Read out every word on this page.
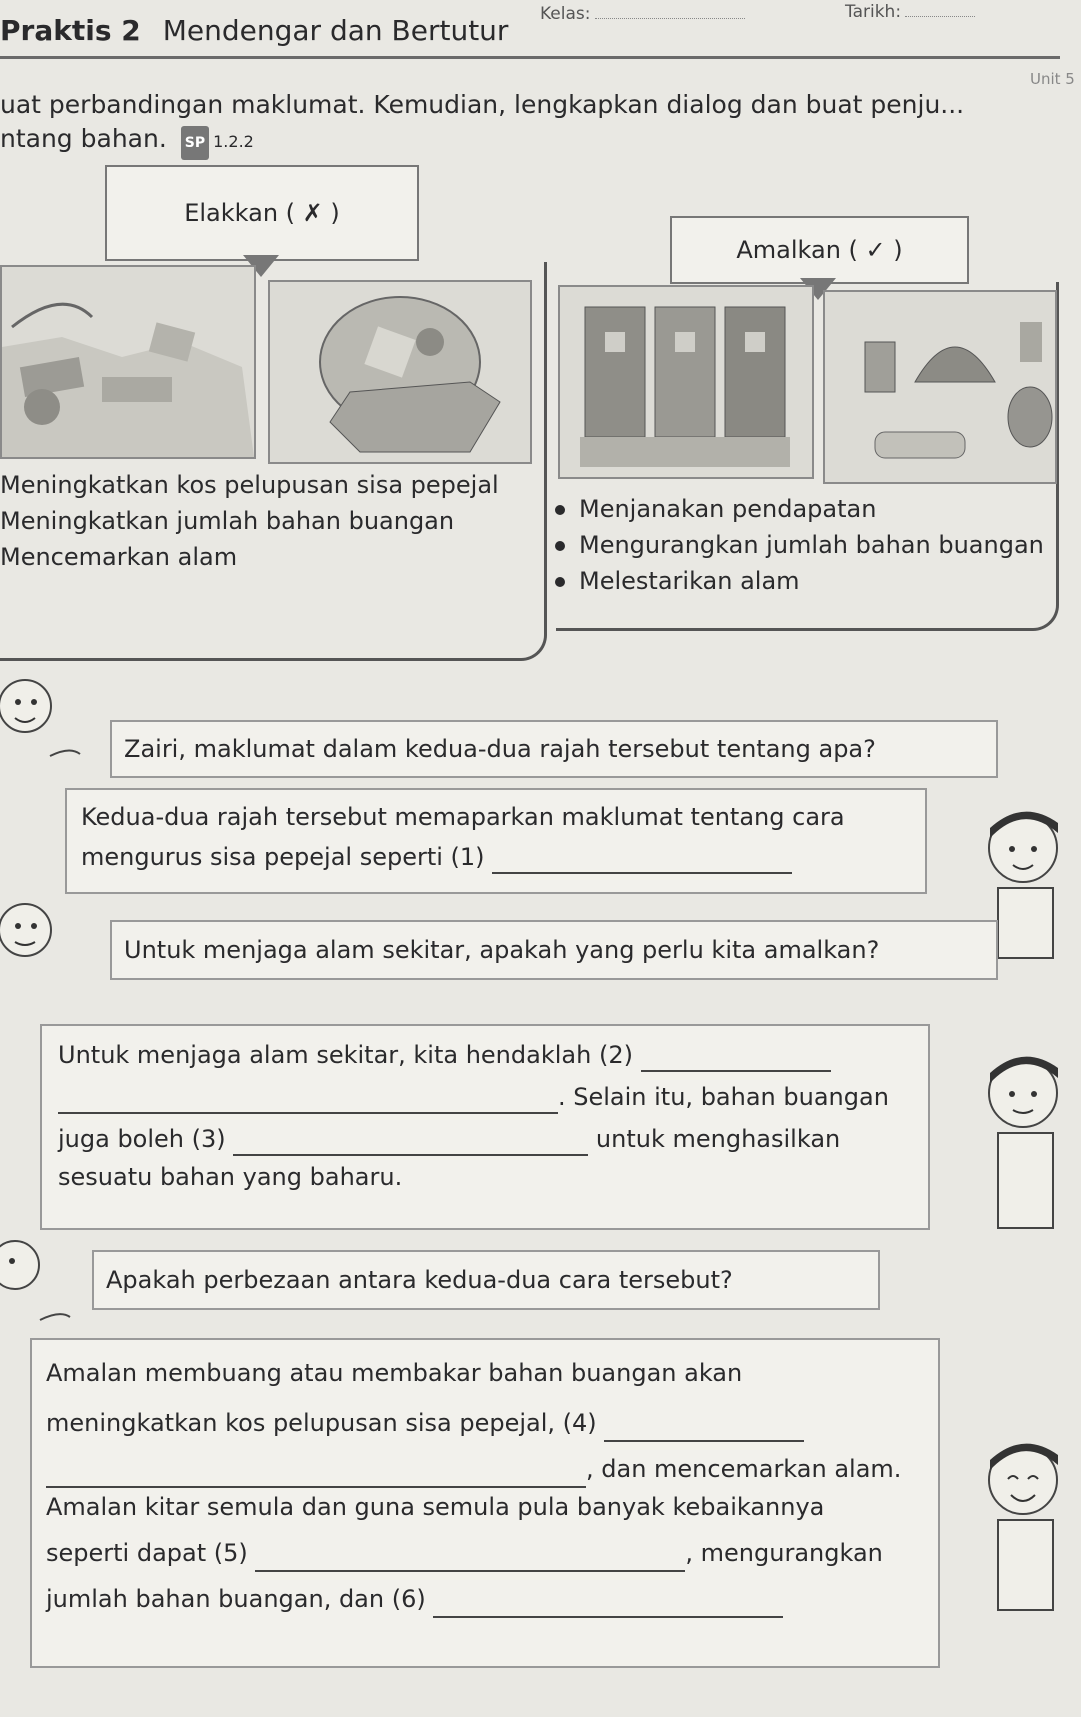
Kelas:	Tarikh:
Praktis 2 Mendengar dan Bertutur
Unit 5
uat perbandingan maklumat. Kemudian, lengkapkan dialog dan buat penju...
ntang bahan. SP 1.2.2
Elakkan ( ✗ )
Amalkan ( ✓ )
Meningkatkan kos pelupusan sisa pepejal
Meningkatkan jumlah bahan buangan
Mencemarkan alam
Menjanakan pendapatan
Mengurangkan jumlah bahan buangan
Melestarikan alam
Zairi, maklumat dalam kedua-dua rajah tersebut tentang apa?
Kedua-dua rajah tersebut memaparkan maklumat tentang cara
mengurus sisa pepejal seperti (1)
Untuk menjaga alam sekitar, apakah yang perlu kita amalkan?
Untuk menjaga alam sekitar, kita hendaklah (2)
. Selain itu, bahan buangan
juga boleh (3)	untuk menghasilkan
sesuatu bahan yang baharu.
Apakah perbezaan antara kedua-dua cara tersebut?
Amalan membuang atau membakar bahan buangan akan
meningkatkan kos pelupusan sisa pepejal, (4)
, dan mencemarkan alam.
Amalan kitar semula dan guna semula pula banyak kebaikannya
seperti dapat (5)	, mengurangkan
jumlah bahan buangan, dan (6)
